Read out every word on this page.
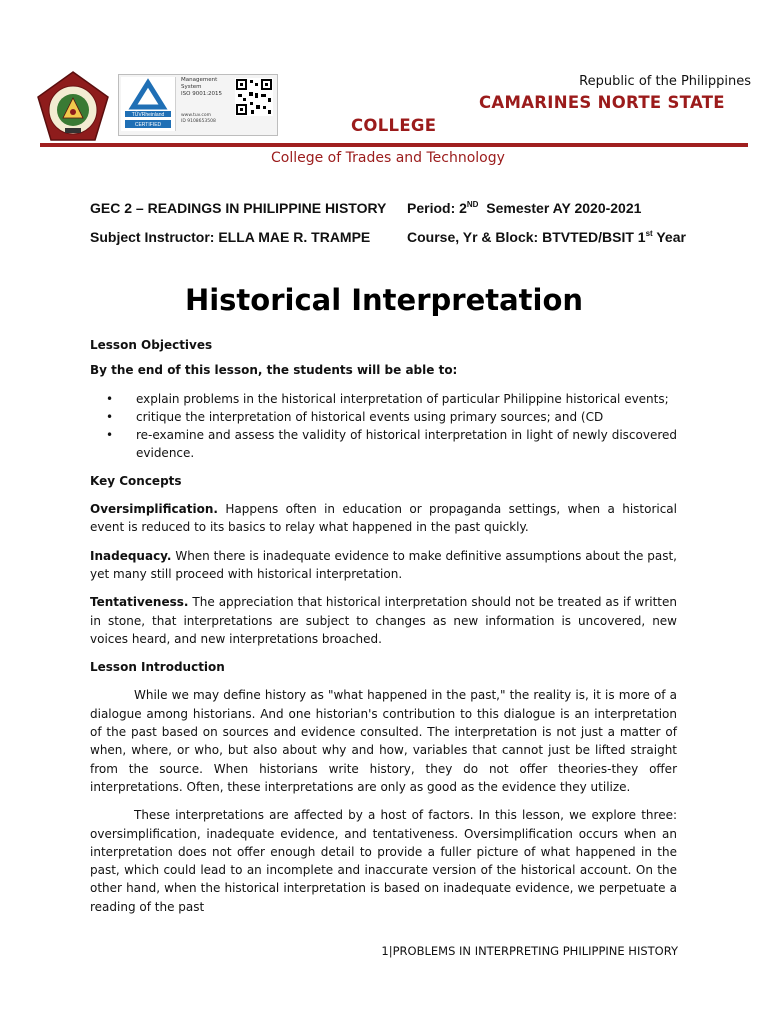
TÜVRheinland
CERTIFIED
Management
System
ISO 9001:2015
www.tuv.com
ID 9108653508
Republic of the Philippines
CAMARINES NORTE STATE
COLLEGE
College of Trades and Technology
GEC 2 – READINGS IN PHILIPPINE HISTORY
Subject Instructor: ELLA MAE R. TRAMPE
Period: 2ND  Semester AY 2020-2021
Course, Yr & Block: BTVTED/BSIT 1st Year
Historical Interpretation

Lesson Objectives

By the end of this lesson, the students will be able to:

• explain problems in the historical interpretation of particular Philippine historical events;
• critique the interpretation of historical events using primary sources; and (CD
• re-examine and assess the validity of historical interpretation in light of newly discovered evidence.

Key Concepts

Oversimplification. Happens often in education or propaganda settings, when a historical event is reduced to its basics to relay what happened in the past quickly.

Inadequacy. When there is inadequate evidence to make definitive assumptions about the past, yet many still proceed with historical interpretation.

Tentativeness. The appreciation that historical interpretation should not be treated as if written in stone, that interpretations are subject to changes as new information is uncovered, new voices heard, and new interpretations broached.

Lesson Introduction

While we may define history as "what happened in the past," the reality is, it is more of a dialogue among historians. And one historian's contribution to this dialogue is an interpretation of the past based on sources and evidence consulted. The interpretation is not just a matter of when, where, or who, but also about why and how, variables that cannot just be lifted straight from the source. When historians write history, they do not offer theories-they offer interpretations. Often, these interpretations are only as good as the evidence they utilize.

These interpretations are affected by a host of factors. In this lesson, we explore three: oversimplification, inadequate evidence, and tentativeness. Oversimplification occurs when an interpretation does not offer enough detail to provide a fuller picture of what happened in the past, which could lead to an incomplete and inaccurate version of the historical account. On the other hand, when the historical interpretation is based on inadequate evidence, we perpetuate a reading of the past

1|PROBLEMS IN INTERPRETING PHILIPPINE HISTORY
